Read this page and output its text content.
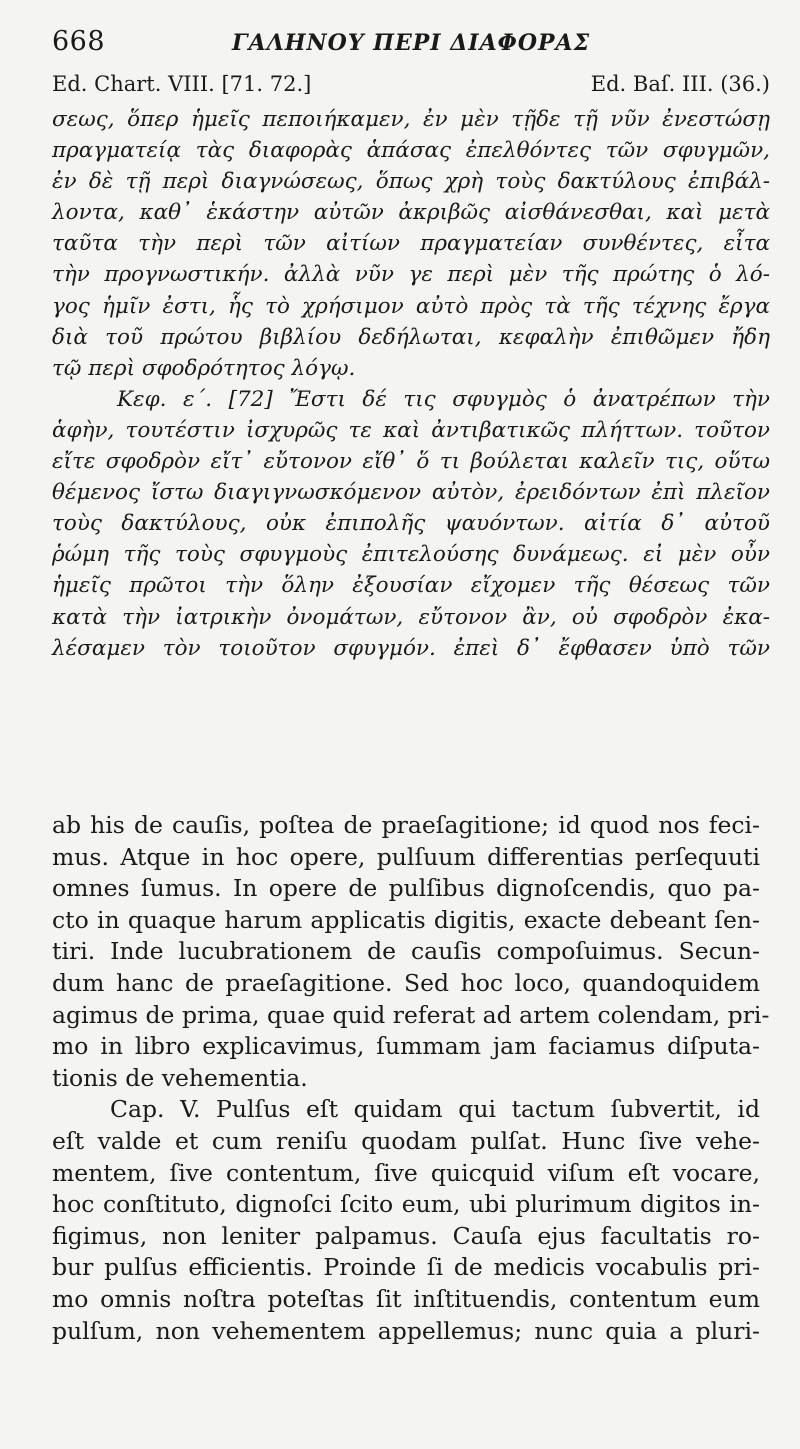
668	ΓΑΛΗΝΟΥ ΠΕΡΙ ΔΙΑΦΟΡΑΣ
Ed. Chart. VIII. [71. 72.]	Ed. Baſ. III. (36.)
σεως, ὅπερ ἡμεῖς πεποιήκαμεν, ἐν μὲν τῇδε τῇ νῦν ἐνεστώσῃ
πραγματείᾳ τὰς διαφορὰς ἁπάσας ἐπελθόντες τῶν σφυγμῶν,
ἐν δὲ τῇ περὶ διαγνώσεως, ὅπως χρὴ τοὺς δακτύλους ἐπιβάλ-
λοντα, καθ᾽ ἑκάστην αὐτῶν ἀκριβῶς αἰσθάνεσθαι, καὶ μετὰ
ταῦτα τὴν περὶ τῶν αἰτίων πραγματείαν συνθέντες, εἶτα
τὴν προγνωστικήν. ἀλλὰ νῦν γε περὶ μὲν τῆς πρώτης ὁ λό-
γος ἡμῖν ἐστι, ἧς τὸ χρήσιμον αὐτὸ πρὸς τὰ τῆς τέχνης ἔργα
διὰ τοῦ πρώτου βιβλίου δεδήλωται, κεφαλὴν ἐπιθῶμεν ἤδη
τῷ περὶ σφοδρότητος λόγῳ.
Κεφ. ε΄. [72] Ἔστι δέ τις σφυγμὸς ὁ ἀνατρέπων τὴν
ἁφὴν, τουτέστιν ἰσχυρῶς τε καὶ ἀντιβατικῶς πλήττων. τοῦτον
εἴτε σφοδρὸν εἴτ᾽ εὔτονον εἴθ᾽ ὅ τι βούλεται καλεῖν τις, οὕτω
θέμενος ἴστω διαγιγνωσκόμενον αὐτὸν, ἐρειδόντων ἐπὶ πλεῖον
τοὺς δακτύλους, οὐκ ἐπιπολῆς ψαυόντων. αἰτία δ᾽ αὐτοῦ
ῥώμη τῆς τοὺς σφυγμοὺς ἐπιτελούσης δυνάμεως. εἰ μὲν οὖν
ἡμεῖς πρῶτοι τὴν ὅλην ἐξουσίαν εἴχομεν τῆς θέσεως τῶν
κατὰ τὴν ἰατρικὴν ὀνομάτων, εὔτονον ἂν, οὐ σφοδρὸν ἐκα-
λέσαμεν τὸν τοιοῦτον σφυγμόν. ἐπεὶ δ᾽ ἔφθασεν ὑπὸ τῶν
ab his de cauſis, poſtea de praeſagitione; id quod nos feci-
mus. Atque in hoc opere, pulſuum differentias perſequuti
omnes ſumus. In opere de pulſibus dignoſcendis, quo pa-
cto in quaque harum applicatis digitis, exacte debeant ſen-
tiri. Inde lucubrationem de cauſis compoſuimus. Secun-
dum hanc de praeſagitione. Sed hoc loco, quandoquidem
agimus de prima, quae quid referat ad artem colendam, pri-
mo in libro explicavimus, ſummam jam faciamus diſputa-
tionis de vehementia.
Cap. V. Pulſus eſt quidam qui tactum ſubvertit, id
eſt valde et cum reniſu quodam pulſat. Hunc ſive vehe-
mentem, ſive contentum, ſive quicquid viſum eſt vocare,
hoc conſtituto, dignoſci ſcito eum, ubi plurimum digitos in-
figimus, non leniter palpamus. Cauſa ejus facultatis ro-
bur pulſus efficientis. Proinde ſi de medicis vocabulis pri-
mo omnis noſtra poteſtas ſit inſtituendis, contentum eum
pulſum, non vehementem appellemus; nunc quia a pluri-
